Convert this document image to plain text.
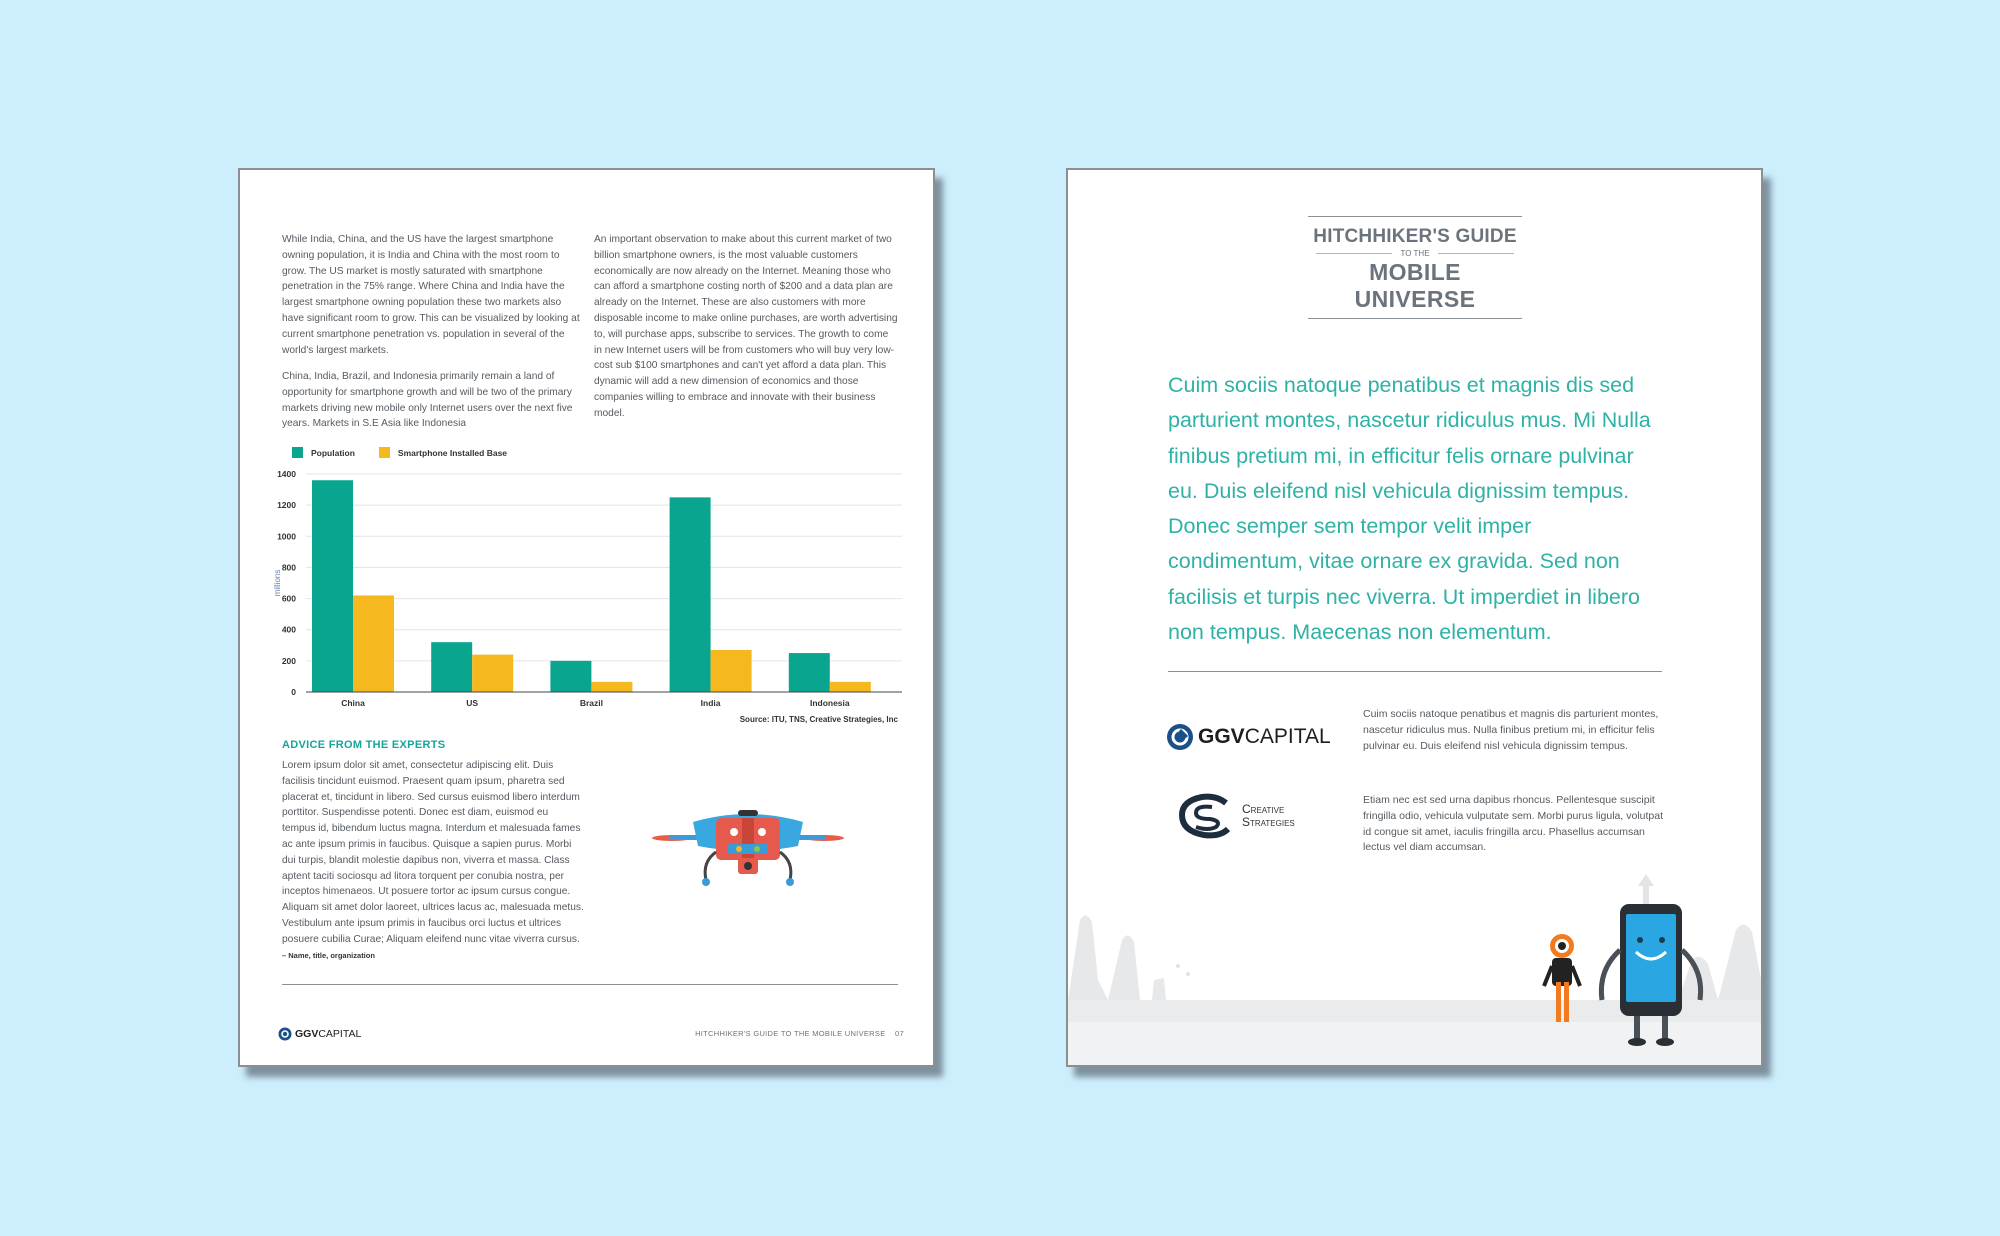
While India, China, and the US have the largest smartphone owning population, it is India and China with the most room to grow. The US market is mostly saturated with smartphone penetration in the 75% range. Where China and India have the largest smartphone owning population these two markets also have significant room to grow. This can be visualized by looking at current smartphone penetration vs. population in several of the world's largest markets.

China, India, Brazil, and Indonesia primarily remain a land of opportunity for smartphone growth and will be two of the primary markets driving new mobile only Internet users over the next five years. Markets in S.E Asia like Indonesia

An important observation to make about this current market of two billion smartphone owners, is the most valuable customers economically are now already on the Internet. Meaning those who can afford a smartphone costing north of $200 and a data plan are already on the Internet. These are also customers with more disposable income to make online purchases, are worth advertising to, will purchase apps, subscribe to services. The growth to come in new Internet users will be from customers who will buy very low-cost sub $100 smartphones and can't yet afford a data plan. This dynamic will add a new dimension of economics and those companies willing to embrace and innovate with their business model.

Population	Smartphone Installed Base
0
200
400
600
800
1000
1200
1400
millions
China	US	Brazil	India	Indonesia
Source: ITU, TNS, Creative Strategies, Inc
ADVICE FROM THE EXPERTS

Lorem ipsum dolor sit amet, consectetur adipiscing elit. Duis facilisis tincidunt euismod. Praesent quam ipsum, pharetra sed placerat et, tincidunt in libero. Sed cursus euismod libero interdum porttitor. Suspendisse potenti. Donec est diam, euismod eu tempus id, bibendum luctus magna. Interdum et malesuada fames ac ante ipsum primis in faucibus. Quisque a sapien purus. Morbi dui turpis, blandit molestie dapibus non, viverra et massa. Class aptent taciti sociosqu ad litora torquent per conubia nostra, per inceptos himenaeos. Ut posuere tortor ac ipsum cursus congue. Aliquam sit amet dolor laoreet, ultrices lacus ac, malesuada metus. Vestibulum ante ipsum primis in faucibus orci luctus et ultrices posuere cubilia Curae; Aliquam eleifend nunc vitae viverra cursus. – Name, title, organization

GGV CAPITAL	HITCHHIKER'S GUIDE TO THE MOBILE UNIVERSE 07
HITCHHIKER'S GUIDE
TO THE
MOBILE UNIVERSE

Cuim sociis natoque penatibus et magnis dis sed parturient montes, nascetur ridiculus mus. Mi Nulla finibus pretium mi, in efficitur felis ornare pulvinar eu. Duis eleifend nisl vehicula dignissim tempus. Donec semper sem tempor velit imper condimentum, vitae ornare ex gravida. Sed non facilisis et turpis nec viverra. Ut imperdiet in libero non tempus. Maecenas non elementum.

GGV CAPITAL

Cuim sociis natoque penatibus et magnis dis parturient montes, nascetur ridiculus mus. Nulla finibus pretium mi, in efficitur felis pulvinar eu. Duis eleifend nisl vehicula dignissim tempus.

Creative
Strategies

Etiam nec est sed urna dapibus rhoncus. Pellentesque suscipit fringilla odio, vehicula vulputate sem. Morbi purus ligula, volutpat id congue sit amet, iaculis fringilla arcu. Phasellus accumsan lectus vel diam accumsan.
